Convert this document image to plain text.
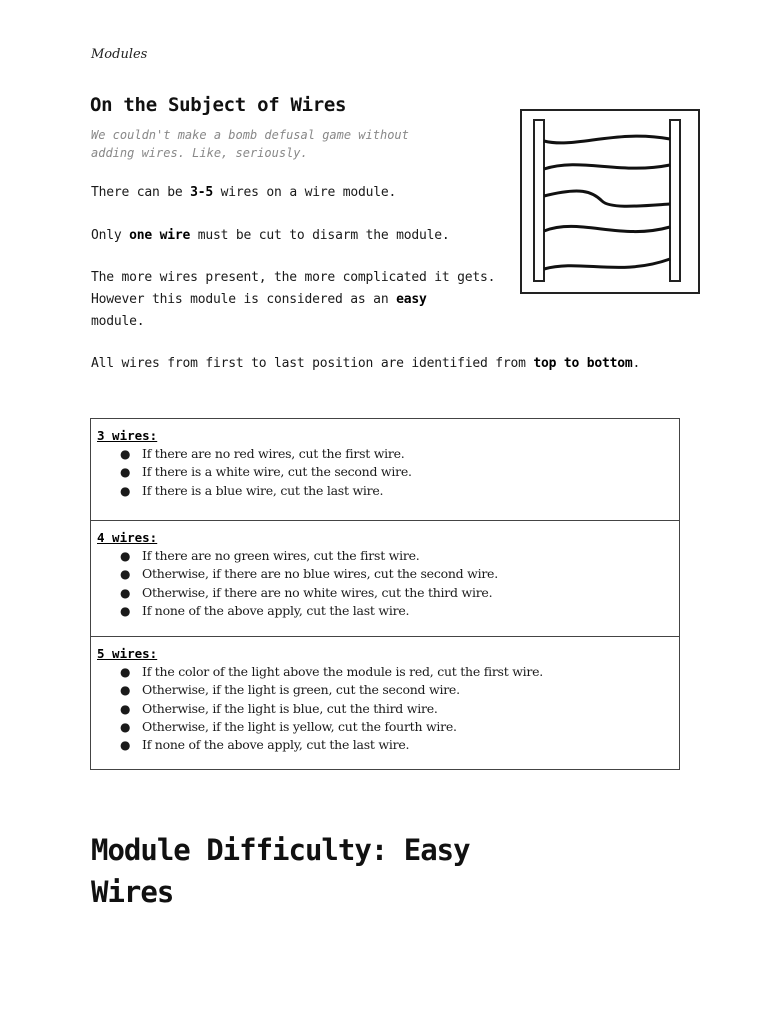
Modules
On the Subject of Wires
We couldn't make a bomb defusal game without
adding wires. Like, seriously.
There can be 3-5 wires on a wire module.
Only one wire must be cut to disarm the module.
The more wires present, the more complicated it gets.
However this module is considered as an easy
module.
All wires from first to last position are identified from top to bottom.
3 wires:
● If there are no red wires, cut the first wire.
● If there is a white wire, cut the second wire.
● If there is a blue wire, cut the last wire.
4 wires:
● If there are no green wires, cut the first wire.
● Otherwise, if there are no blue wires, cut the second wire.
● Otherwise, if there are no white wires, cut the third wire.
● If none of the above apply, cut the last wire.
5 wires:
● If the color of the light above the module is red, cut the first wire.
● Otherwise, if the light is green, cut the second wire.
● Otherwise, if the light is blue, cut the third wire.
● Otherwise, if the light is yellow, cut the fourth wire.
● If none of the above apply, cut the last wire.
Module Difficulty: Easy
Wires
